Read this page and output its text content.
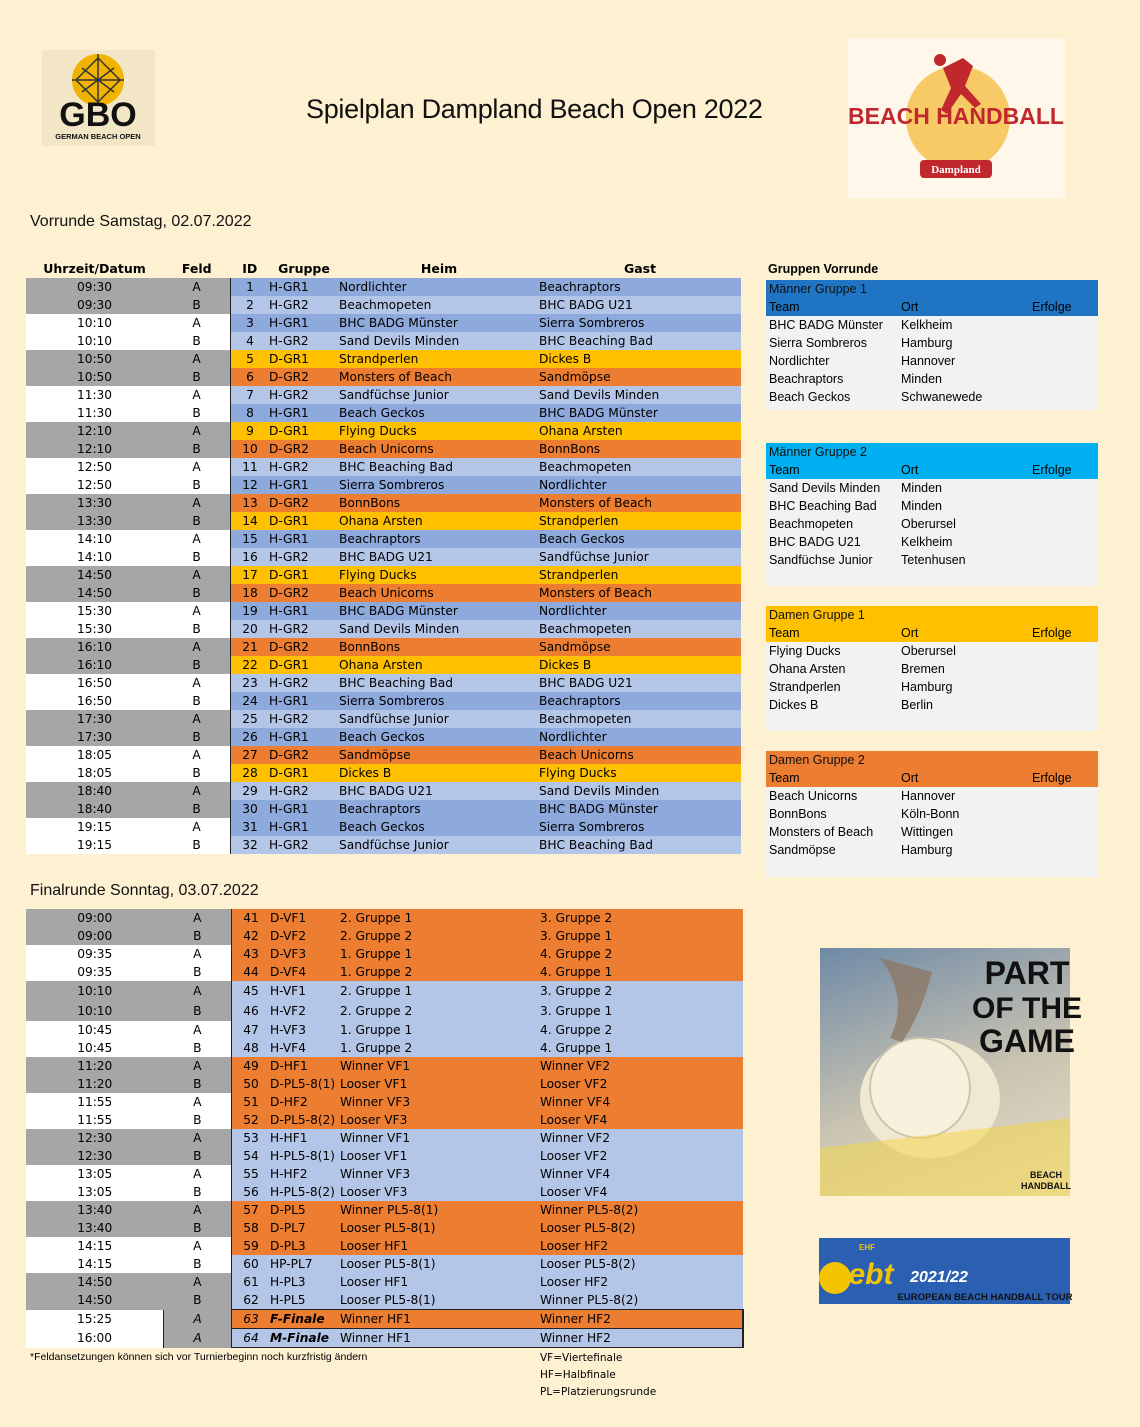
GBO
GERMAN BEACH OPEN
Spielplan Dampland Beach Open 2022	BEACH HANDBALL
Dampland
Vorrunde Samstag, 02.07.2022
Finalrunde Sonntag, 03.07.2022
Uhrzeit/Datum	Feld	ID	Gruppe	Heim	Gast
09:30	A	1	H-GR1	Nordlichter	Beachraptors
09:30	B	2	H-GR2	Beachmopeten	BHC BADG U21
10:10	A	3	H-GR1	BHC BADG Münster	Sierra Sombreros
10:10	B	4	H-GR2	Sand Devils Minden	BHC Beaching Bad
10:50	A	5	D-GR1	Strandperlen	Dickes B
10:50	B	6	D-GR2	Monsters of Beach	Sandmöpse
11:30	A	7	H-GR2	Sandfüchse Junior	Sand Devils Minden
11:30	B	8	H-GR1	Beach Geckos	BHC BADG Münster
12:10	A	9	D-GR1	Flying Ducks	Ohana Arsten
12:10	B	10	D-GR2	Beach Unicorns	BonnBons
12:50	A	11	H-GR2	BHC Beaching Bad	Beachmopeten
12:50	B	12	H-GR1	Sierra Sombreros	Nordlichter
13:30	A	13	D-GR2	BonnBons	Monsters of Beach
13:30	B	14	D-GR1	Ohana Arsten	Strandperlen
14:10	A	15	H-GR1	Beachraptors	Beach Geckos
14:10	B	16	H-GR2	BHC BADG U21	Sandfüchse Junior
14:50	A	17	D-GR1	Flying Ducks	Strandperlen
14:50	B	18	D-GR2	Beach Unicorns	Monsters of Beach
15:30	A	19	H-GR1	BHC BADG Münster	Nordlichter
15:30	B	20	H-GR2	Sand Devils Minden	Beachmopeten
16:10	A	21	D-GR2	BonnBons	Sandmöpse
16:10	B	22	D-GR1	Ohana Arsten	Dickes B
16:50	A	23	H-GR2	BHC Beaching Bad	BHC BADG U21
16:50	B	24	H-GR1	Sierra Sombreros	Beachraptors
17:30	A	25	H-GR2	Sandfüchse Junior	Beachmopeten
17:30	B	26	H-GR1	Beach Geckos	Nordlichter
18:05	A	27	D-GR2	Sandmöpse	Beach Unicorns
18:05	B	28	D-GR1	Dickes B	Flying Ducks
18:40	A	29	H-GR2	BHC BADG U21	Sand Devils Minden
18:40	B	30	H-GR1	Beachraptors	BHC BADG Münster
19:15	A	31	H-GR1	Beach Geckos	Sierra Sombreros
19:15	B	32	H-GR2	Sandfüchse Junior	BHC Beaching Bad
09:00	A	41	D-VF1	2. Gruppe 1	3. Gruppe 2
09:00	B	42	D-VF2	2. Gruppe 2	3. Gruppe 1
09:35	A	43	D-VF3	1. Gruppe 1	4. Gruppe 2
09:35	B	44	D-VF4	1. Gruppe 2	4. Gruppe 1
10:10	A	45	H-VF1	2. Gruppe 1	3. Gruppe 2
10:10	B	46	H-VF2	2. Gruppe 2	3. Gruppe 1
10:45	A	47	H-VF3	1. Gruppe 1	4. Gruppe 2
10:45	B	48	H-VF4	1. Gruppe 2	4. Gruppe 1
11:20	A	49	D-HF1	Winner VF1	Winner VF2
11:20	B	50	D-PL5-8(1)	Looser VF1	Looser VF2
11:55	A	51	D-HF2	Winner VF3	Winner VF4
11:55	B	52	D-PL5-8(2)	Looser VF3	Looser VF4
12:30	A	53	H-HF1	Winner VF1	Winner VF2
12:30	B	54	H-PL5-8(1)	Looser VF1	Looser VF2
13:05	A	55	H-HF2	Winner VF3	Winner VF4
13:05	B	56	H-PL5-8(2)	Looser VF3	Looser VF4
13:40	A	57	D-PL5	Winner PL5-8(1)	Winner PL5-8(2)
13:40	B	58	D-PL7	Looser PL5-8(1)	Looser PL5-8(2)
14:15	A	59	D-PL3	Looser HF1	Looser HF2
14:15	B	60	HP-PL7	Looser PL5-8(1)	Looser PL5-8(2)
14:50	A	61	H-PL3	Looser HF1	Looser HF2
14:50	B	62	H-PL5	Looser PL5-8(1)	Winner PL5-8(2)
15:25	A	63	F-Finale	Winner HF1	Winner HF2
16:00	A	64	M-Finale	Winner HF1	Winner HF2
Gruppen Vorrunde
Männer Gruppe 1
Team	Ort	Erfolge
BHC BADG Münster	Kelkheim
Sierra Sombreros	Hamburg
Nordlichter	Hannover
Beachraptors	Minden
Beach Geckos	Schwanewede
Männer Gruppe 2
Team	Ort	Erfolge
Sand Devils Minden	Minden
BHC Beaching Bad	Minden
Beachmopeten	Oberursel
BHC BADG U21	Kelkheim
Sandfüchse Junior	Tetenhusen
Damen Gruppe 1
Team	Ort	Erfolge
Flying Ducks	Oberursel
Ohana Arsten	Bremen
Strandperlen	Hamburg
Dickes B	Berlin
Damen Gruppe 2
Team	Ort	Erfolge
Beach Unicorns	Hannover
BonnBons	Köln-Bonn
Monsters of Beach	Wittingen
Sandmöpse	Hamburg
PART
OF THE
GAME
BEACH
HANDBALL
ebt
EHF
2021/22
EUROPEAN BEACH HANDBALL TOUR
*Feldansetzungen können sich vor Turnierbeginn noch kurzfristig ändern	VF=Viertefinale
HF=Halbfinale
PL=Platzierungsrunde
